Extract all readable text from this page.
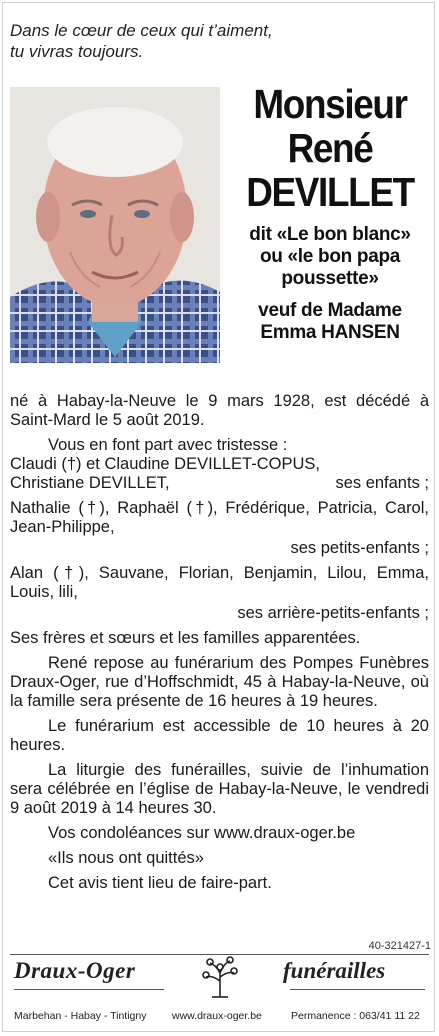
Dans le cœur de ceux qui t’aiment,
tu vivras toujours.
Monsieur
René
DEVILLET
dit «Le bon blanc»
ou «le bon papa
poussette»
veuf de Madame
Emma HANSEN

né à Habay-la-Neuve le 9 mars 1928, est décédé à Saint-Mard le 5 août 2019.

Vous en font part avec tristesse :

Claudi (†) et Claudine DEVILLET-COPUS,
Christiane DEVILLET,	ses enfants ;

Nathalie (†), Raphaël (†), Frédérique, Patricia, Carol, Jean-Philippe,

ses petits-enfants ;

Alan (†), Sauvane, Florian, Benjamin, Lilou, Emma, Louis, lili,

ses arrière-petits-enfants ;

Ses frères et sœurs et les familles apparentées.

René repose au funérarium des Pompes Funèbres Draux-Oger, rue d’Hoffschmidt, 45 à Habay-la-Neuve, où la famille sera présente de 16 heures à 19 heures.

Le funérarium est accessible de 10 heures à 20 heures.

La liturgie des funérailles, suivie de l’inhumation sera célébrée en l’église de Habay-la-Neuve, le vendredi 9 août 2019 à 14 heures 30.

Vos condoléances sur www.draux-oger.be

«Ils nous ont quittés»

Cet avis tient lieu de faire-part.

40-321427-1
Draux-Oger	funérailles
Marbehan - Habay - Tintigny www.draux-oger.be	Permanence : 063/41 11 22
